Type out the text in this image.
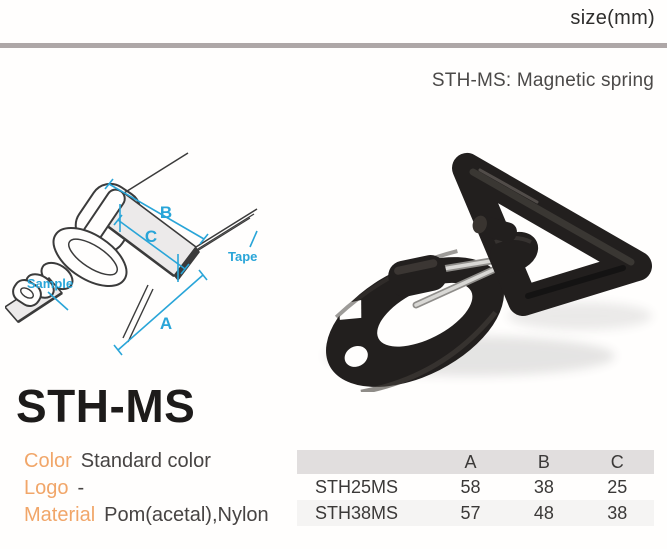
size(mm)
STH-MS: Magnetic spring
B
C
A
Tape
Sample
STH-MS
Color Standard color
Logo -
Material Pom(acetal),Nylon
	A	B	C
STH25MS	58	38	25
STH38MS	57	48	38
